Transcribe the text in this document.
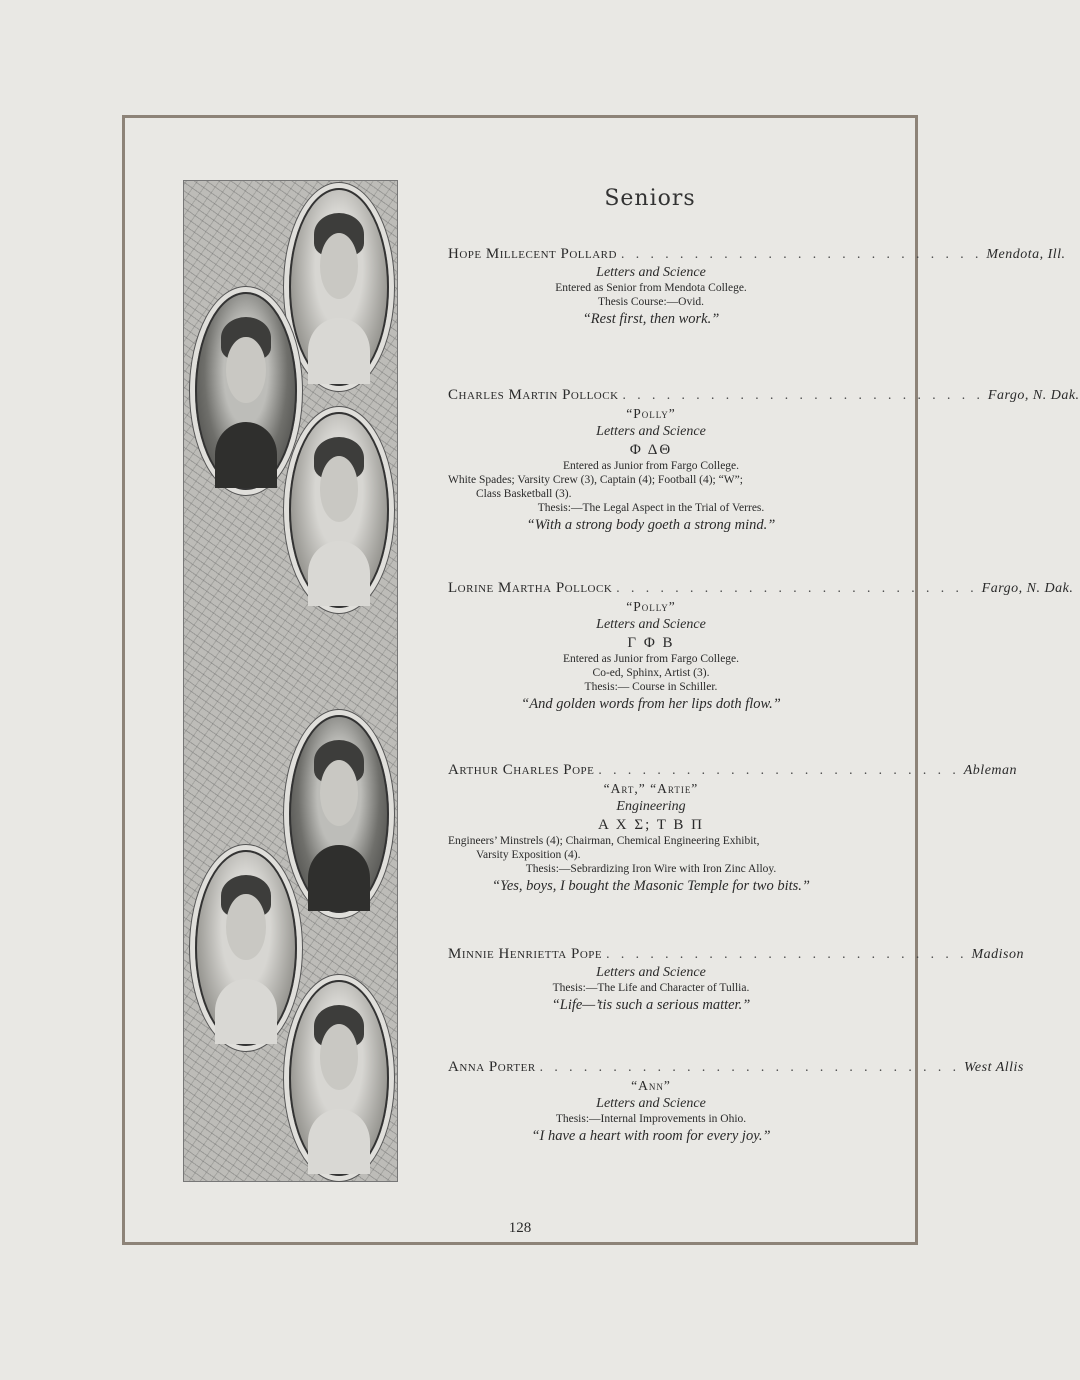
Seniors
Hope Millecent Pollard . . . . . . . . . . . . . . . . . . . . . . . . . Mendota, Ill.
Letters and Science
Entered as Senior from Mendota College.
Thesis Course:—Ovid.
“Rest first, then work.”
Charles Martin Pollock . . . . . . . . . . . . . . . . . . . . . . . . . Fargo, N. Dak.
“Polly”
Letters and Science
Φ ΔΘ
Entered as Junior from Fargo College.
White Spades; Varsity Crew (3), Captain (4); Football (4); “W”;
Class Basketball (3).
Thesis:—The Legal Aspect in the Trial of Verres.
“With a strong body goeth a strong mind.”
Lorine Martha Pollock . . . . . . . . . . . . . . . . . . . . . . . . . Fargo, N. Dak.
“Polly”
Letters and Science
Γ Φ Β
Entered as Junior from Fargo College.
Co-ed, Sphinx, Artist (3).
Thesis:— Course in Schiller.
“And golden words from her lips doth flow.”
Arthur Charles Pope . . . . . . . . . . . . . . . . . . . . . . . . . Ableman
“Art,” “Artie”
Engineering
Α Χ Σ; Τ Β Π
Engineers’ Minstrels (4); Chairman, Chemical Engineering Exhibit,
Varsity Exposition (4).
Thesis:—Sebrardizing Iron Wire with Iron Zinc Alloy.
“Yes, boys, I bought the Masonic Temple for two bits.”
Minnie Henrietta Pope . . . . . . . . . . . . . . . . . . . . . . . . . Madison
Letters and Science
Thesis:—The Life and Character of Tullia.
“Life—’tis such a serious matter.”
Anna Porter . . . . . . . . . . . . . . . . . . . . . . . . . . . . . West Allis
“Ann”
Letters and Science
Thesis:—Internal Improvements in Ohio.
“I have a heart with room for every joy.”
128
